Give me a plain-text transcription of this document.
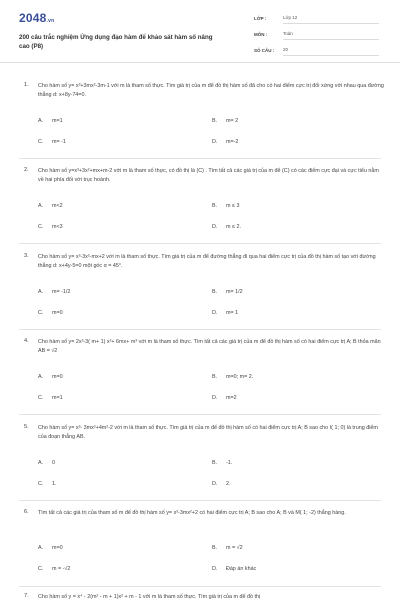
2048.vn
200 câu trắc nghiệm Ứng dụng đạo hàm để khảo sát hàm số nâng cao (P8)
LỚP :	Lớp 12
MÔN :	Toán
SỐ CÂU : 20
1. Cho hàm số y= x³+3mx²-3m-1 với m là tham số thực. Tìm giá trị của m để đồ thị hàm số đã cho có hai điểm cực trị đối xứng với nhau qua đường thẳng d: x+8y-74=0.
A. m=1	B. m= 2
C. m= -1	D. m=-2
2. Cho hàm số y=x³+3x²+mx+m-2 với m là tham số thực, có đồ thị là (C) . Tìm tất cả các giá trị của m để (C) có các điểm cực đại và cực tiểu nằm về hai phía đối với trục hoành.
A. m<2	B. m ≤ 3
C. m<3	D. m ≤ 2.
3. Cho hàm số y= x³-3x²-mx+2 với m là tham số thực. Tìm giá trị của m để đường thẳng đi qua hai điểm cực trị của đồ thị hàm số tạo với đường thẳng d: x+4y-5=0 một góc α = 45°.
A. m= -1/2	B. m= 1/2
C. m=0	D. m= 1
4. Cho hàm số y= 2x³-3( m+ 1) x²+ 6mx+ m³ với m là tham số thực. Tìm tất cả các giá trị của m để đồ thị hàm số có hai điểm cực trị A; B thỏa mãn AB = √2
A. m=0	B. m=0; m= 2.
C. m=1	D. m=2
5. Cho hàm số y= x³- 3mx²+4m²-2 với m là tham số thực. Tìm giá trị của m để đồ thị hàm số có hai điểm cực trị A; B sao cho I( 1; 0) là trung điểm của đoạn thẳng AB.
A. 0	B. -1.
C. 1.	D. 2.
6. Tìm tất cả các giá trị của tham số m để đồ thị hàm số y= x³-3mx²+2 có hai điểm cực trị A; B sao cho A; B và M( 1; -2) thẳng hàng.
A. m=0	B. m = √2
C. m = -√2	D. Đáp án khác
7. Cho hàm số y = x⁴ - 2(m² - m + 1)x² + m - 1 với m là tham số thực. Tìm giá trị của m để đồ thị
